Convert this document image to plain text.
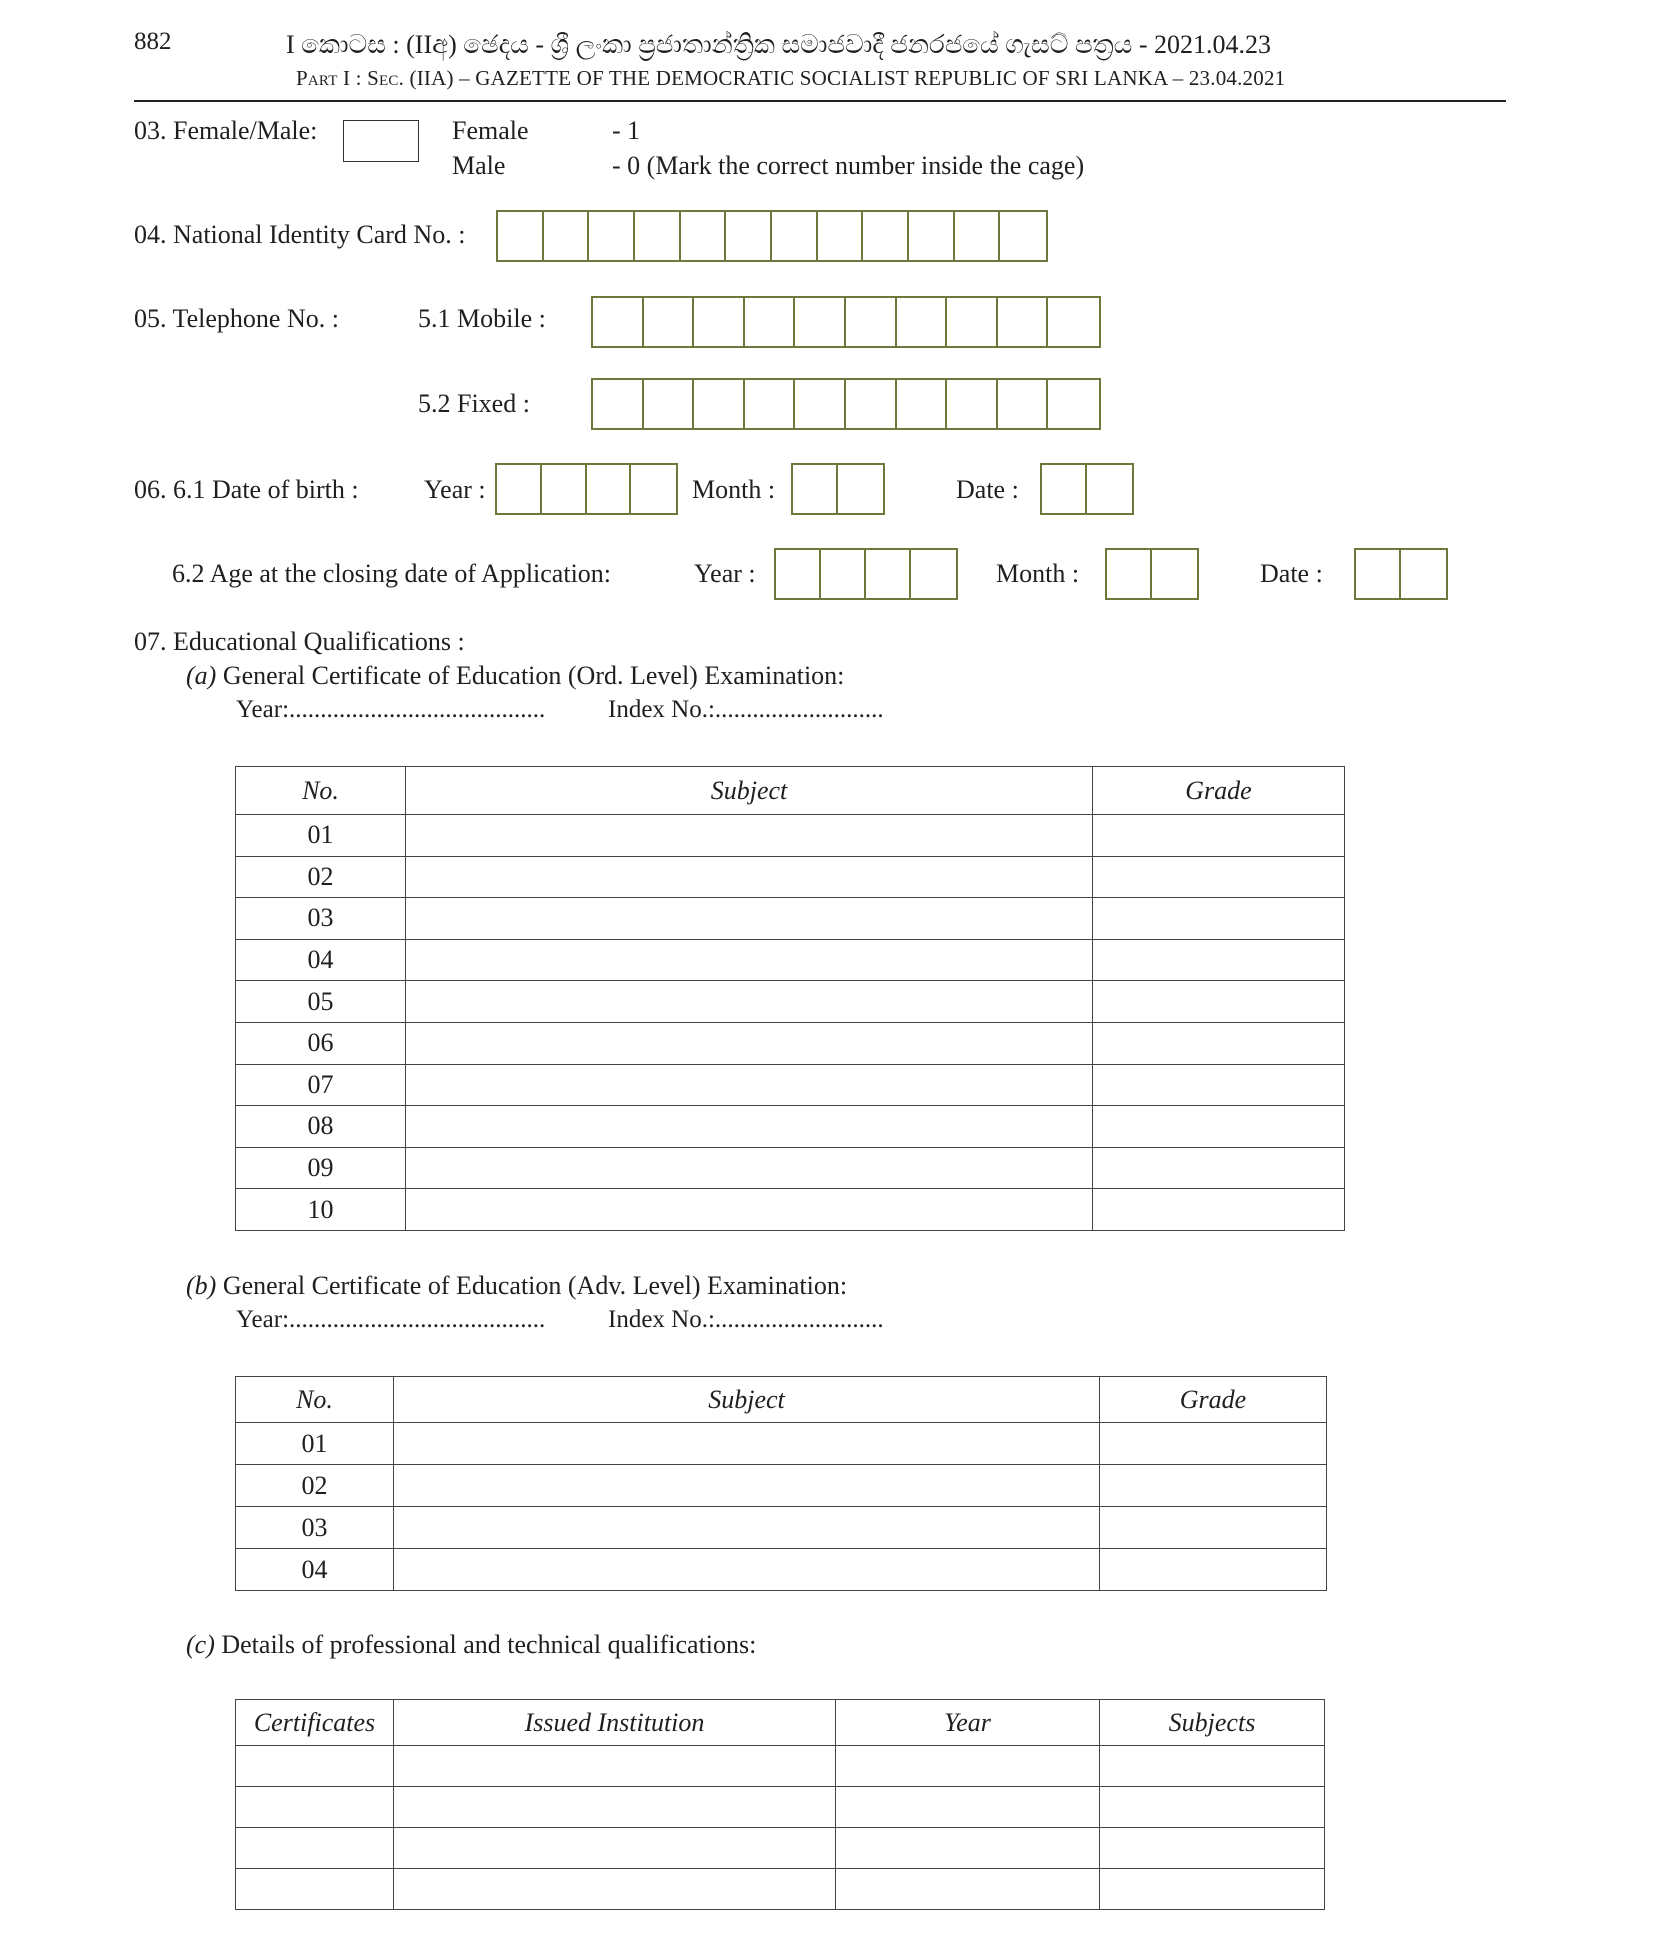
882	I කොටස : (IIඅ) ඡෙදය - ශ්‍රී ලංකා ප්‍රජාතාන්ත්‍රික සමාජවාදී ජනරජයේ ගැසට් පත්‍රය - 2021.04.23
Part I : Sec. (IIA) – GAZETTE OF THE DEMOCRATIC SOCIALIST REPUBLIC OF SRI LANKA – 23.04.2021
03. Female/Male:	Female	- 1
Male	- 0 (Mark the correct number inside the cage)
04. National Identity Card No. :
05. Telephone No. :	5.1 Mobile :
5.2 Fixed :
06. 6.1 Date of birth :	Year :	Month :	Date :
6.2 Age at the closing date of Application:	Year :	Month :	Date :
07. Educational Qualifications :
(a) General Certificate of Education (Ord. Level) Examination:
Year:.........................................	Index No.:...........................
No.	Subject	Grade
01		
02		
03		
04		
05		
06		
07		
08		
09		
10		
(b) General Certificate of Education (Adv. Level) Examination:
Year:.........................................	Index No.:...........................
No.	Subject	Grade
01		
02		
03		
04		
(c) Details of professional and technical qualifications:
Certificates	Issued Institution	Year	Subjects
